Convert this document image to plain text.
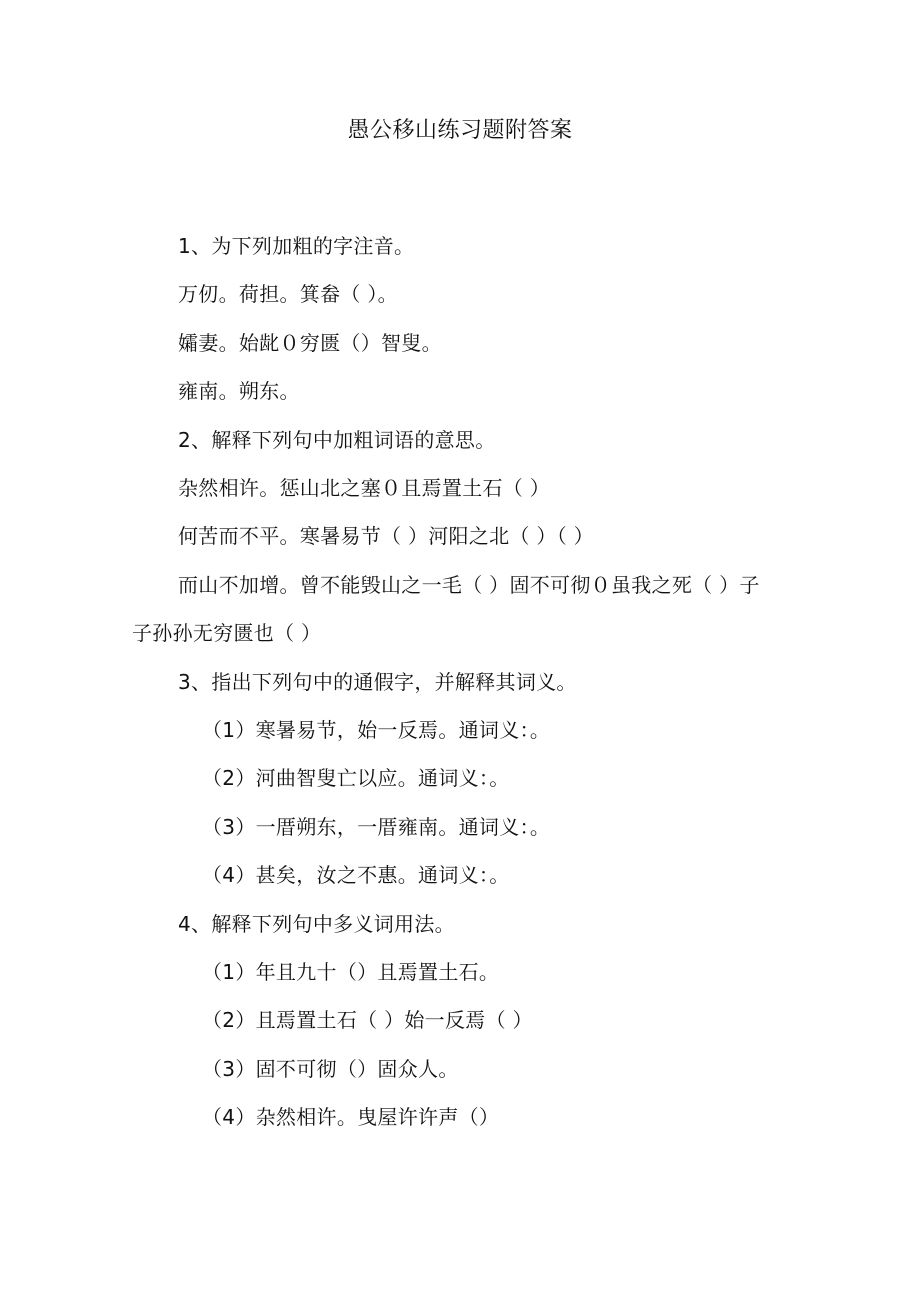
愚公移山练习题附答案
1、为下列加粗的字注音。
万仞。荷担。箕畚（ ）。
孀妻。始龀０穷匮（）智叟。
雍南。朔东。
2、解释下列句中加粗词语的意思。
杂然相许。惩山北之塞０且焉置土石（ ）
何苦而不平。寒暑易节（ ）河阳之北（ ）（ ）
而山不加增。曾不能毁山之一毛（ ）固不可彻０虽我之死（ ）子
子孙孙无穷匮也（ ）
3、指出下列句中的通假字，并解释其词义。
（1）寒暑易节，始一反焉。通词义：。
（2）河曲智叟亡以应。通词义：。
（3）一厝朔东，一厝雍南。通词义：。
（4）甚矣，汝之不惠。通词义：。
4、解释下列句中多义词用法。
（1）年且九十（）且焉置土石。
（2）且焉置土石（ ）始一反焉（ ）
（3）固不可彻（）固众人。
（4）杂然相许。曳屋许许声（）
